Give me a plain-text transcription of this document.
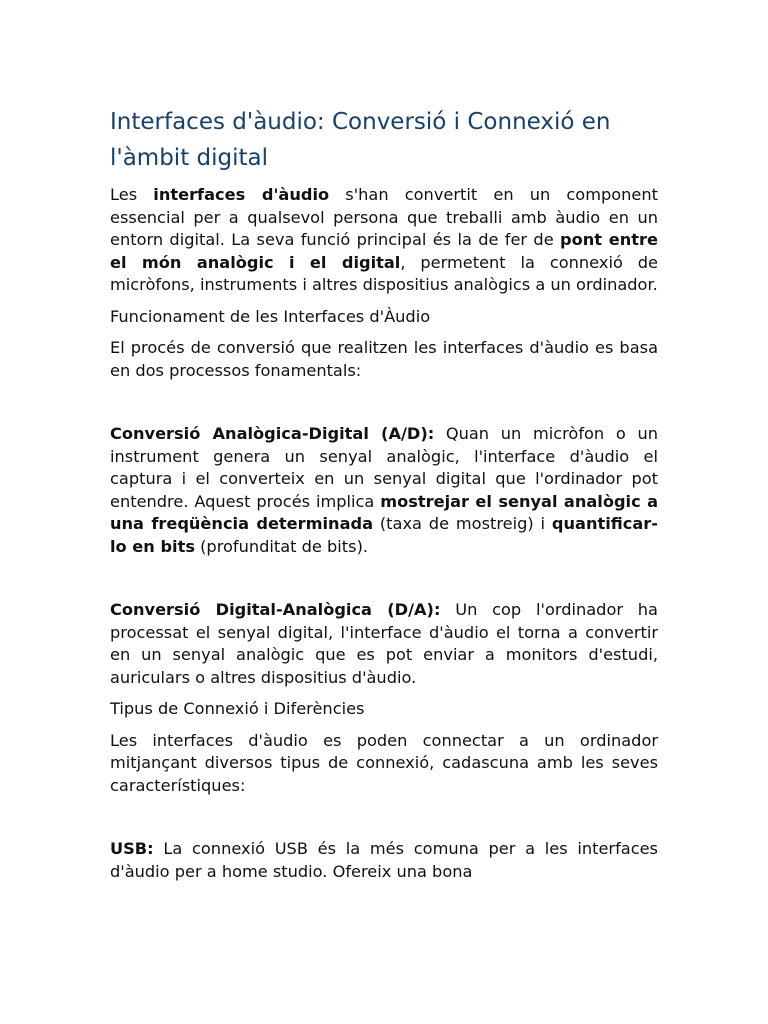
Interfaces d'àudio: Conversió i Connexió en l'àmbit digital

Les interfaces d'àudio s'han convertit en un component essencial per a qualsevol persona que treballi amb àudio en un entorn digital. La seva funció principal és la de fer de pont entre el món analògic i el digital, permetent la connexió de micròfons, instruments i altres dispositius analògics a un ordinador.

Funcionament de les Interfaces d'Àudio

El procés de conversió que realitzen les interfaces d'àudio es basa en dos processos fonamentals:

Conversió Analògica-Digital (A/D): Quan un micròfon o un instrument genera un senyal analògic, l'interface d'àudio el captura i el converteix en un senyal digital que l'ordinador pot entendre. Aquest procés implica mostrejar el senyal analògic a una freqüència determinada (taxa de mostreig) i quantificar-lo en bits (profunditat de bits).

Conversió Digital-Analògica (D/A): Un cop l'ordinador ha processat el senyal digital, l'interface d'àudio el torna a convertir en un senyal analògic que es pot enviar a monitors d'estudi, auriculars o altres dispositius d'àudio.

Tipus de Connexió i Diferències

Les interfaces d'àudio es poden connectar a un ordinador mitjançant diversos tipus de connexió, cadascuna amb les seves característiques:

USB: La connexió USB és la més comuna per a les interfaces d'àudio per a home studio. Ofereix una bona
